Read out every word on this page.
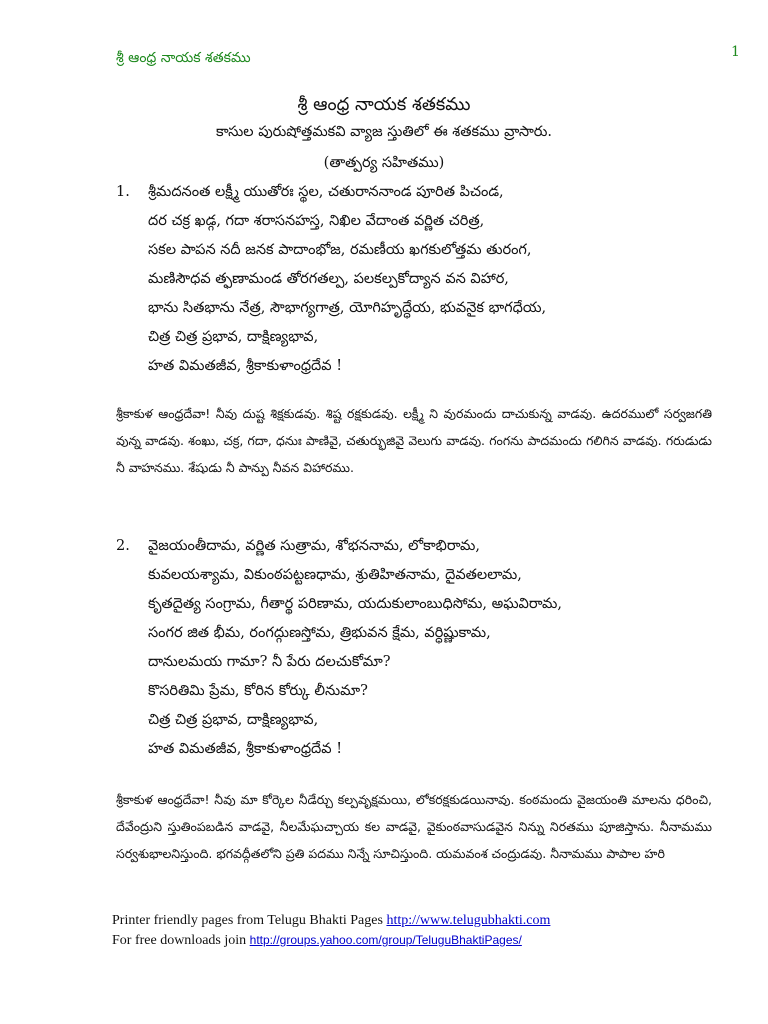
శ్రీ ఆంధ్ర నాయక శతకము	1
శ్రీ ఆంధ్ర నాయక శతకము
కాసుల పురుషోత్తమకవి వ్యాజ స్తుతిలో ఈ శతకము వ్రాసారు.
(తాత్పర్య సహితము)
1. శ్రీమదనంత లక్ష్మీ యుతోరః స్థల, చతురాననాండ పూరిత పిచండ,
దర చక్ర ఖడ్గ, గదా శరాసనహస్త, నిఖిల వేదాంత వర్ణిత చరిత్ర,
సకల పాపన నదీ జనక పాదాంభోజ, రమణీయ ఖగకులోత్తమ తురంగ,
మణిసౌధవ త్ఫణామండ తోరగతల్ప, పలకల్పకోద్యాన వన విహార,
భాను సితభాను నేత్ర, సౌభాగ్యగాత్ర, యోగిహృద్ధేయ, భువనైక భాగధేయ,
చిత్ర చిత్ర ప్రభావ, దాక్షిణ్యభావ,
హత విమతజీవ, శ్రీకాకుళాంధ్రదేవ !
శ్రీకాకుళ ఆంధ్రదేవా! నీవు దుష్ట శిక్షకుడవు. శిష్ట రక్షకుడవు. లక్ష్మీ ని వురమందు దాచుకున్న వాడవు. ఉదరములో సర్వజగతి వున్న వాడవు. శంఖు, చక్ర, గదా, ధనుః పాణివై, చతుర్భుజివై వెలుగు వాడవు. గంగను పాదమందు గలిగిన వాడవు. గరుడుడు నీ వాహనము. శేషుడు నీ పాన్పు నీవన విహారము.
2. వైజయంతీదామ, వర్ణిత సుత్రామ, శోభననామ, లోకాభిరామ,
కువలయశ్యామ, వికుంఠపట్టణధామ, శ్రుతిహితనామ, దైవతలలామ,
కృతదైత్య సంగ్రామ, గీతార్థ పరిణామ, యదుకులాంబుధిసోమ, అఘవిరామ,
సంగర జిత భీమ, రంగద్గుణస్తోమ, త్రిభువన క్షేమ, వర్ధిష్ణుకామ,
దానులమయ గామా? నీ పేరు దలచుకోమా?
కొసరితిమి ప్రేమ, కోరిన కోర్కు లీనుమా?
చిత్ర చిత్ర ప్రభావ, దాక్షిణ్యభావ,
హత విమతజీవ, శ్రీకాకుళాంధ్రదేవ !
శ్రీకాకుళ ఆంధ్రదేవా! నీవు మా కోర్కెల నీడేర్చు కల్పవృక్షమయి, లోకరక్షకుడయినావు. కంఠమందు వైజయంతి మాలను ధరించి, దేవేంద్రుని స్తుతింపబడిన వాడవై, నీలమేఘచ్చాయ కల వాడవై, వైకుంఠవాసుడవైన నిన్ను నిరతము పూజిస్తాను. నీనామము సర్వశుభాలనిస్తుంది. భగవద్గీతలోని ప్రతి పదము నిన్నే సూచిస్తుంది. యమవంశ చంద్రుడవు. నీనామము పాపాల హరి
Printer friendly pages from Telugu Bhakti Pages http://www.telugubhakti.com
For free downloads join http://groups.yahoo.com/group/TeluguBhaktiPages/
